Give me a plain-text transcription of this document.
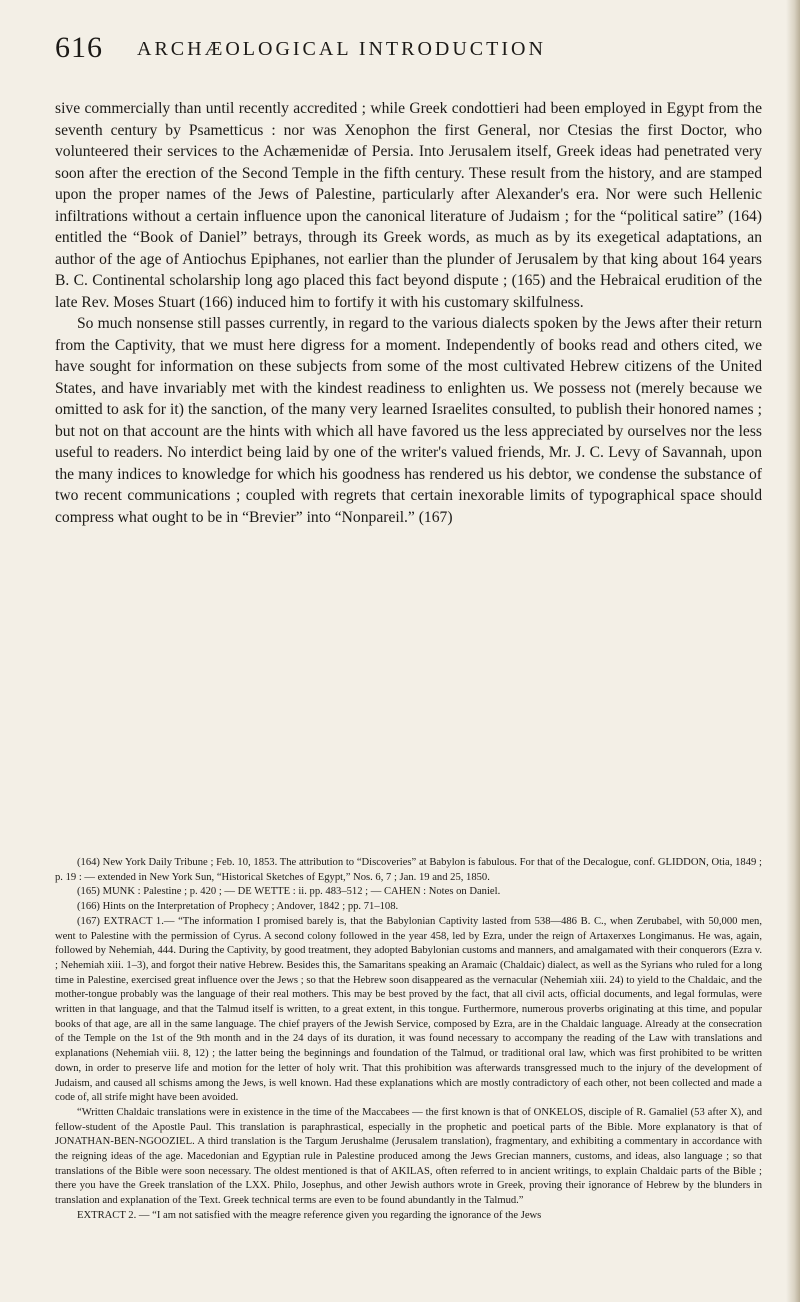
616 ARCHÆOLOGICAL INTRODUCTION

sive commercially than until recently accredited ; while Greek condottieri had been employed in Egypt from the seventh century by Psametticus : nor was Xenophon the first General, nor Ctesias the first Doctor, who volunteered their services to the Achæmenidæ of Persia. Into Jerusalem itself, Greek ideas had penetrated very soon after the erection of the Second Temple in the fifth century. These result from the history, and are stamped upon the proper names of the Jews of Palestine, particularly after Alexander's era. Nor were such Hellenic infiltrations without a certain influence upon the canonical literature of Judaism ; for the “political satire” (164) entitled the “Book of Daniel” betrays, through its Greek words, as much as by its exegetical adaptations, an author of the age of Antiochus Epiphanes, not earlier than the plunder of Jerusalem by that king about 164 years B. C. Continental scholarship long ago placed this fact beyond dispute ; (165) and the Hebraical erudition of the late Rev. Moses Stuart (166) induced him to fortify it with his customary skilfulness.

So much nonsense still passes currently, in regard to the various dialects spoken by the Jews after their return from the Captivity, that we must here digress for a moment. Independently of books read and others cited, we have sought for information on these subjects from some of the most cultivated Hebrew citizens of the United States, and have invariably met with the kindest readiness to enlighten us. We possess not (merely because we omitted to ask for it) the sanction, of the many very learned Israelites consulted, to publish their honored names ; but not on that account are the hints with which all have favored us the less appreciated by ourselves nor the less useful to readers. No interdict being laid by one of the writer's valued friends, Mr. J. C. Levy of Savannah, upon the many indices to knowledge for which his goodness has rendered us his debtor, we condense the substance of two recent communications ; coupled with regrets that certain inexorable limits of typographical space should compress what ought to be in “Brevier” into “Nonpareil.” (167)

(164) New York Daily Tribune ; Feb. 10, 1853. The attribution to “Discoveries” at Babylon is fabulous. For that of the Decalogue, conf. GLIDDON, Otia, 1849 ; p. 19 : — extended in New York Sun, “Historical Sketches of Egypt,” Nos. 6, 7 ; Jan. 19 and 25, 1850.

(165) MUNK : Palestine ; p. 420 ; — DE WETTE : ii. pp. 483–512 ; — CAHEN : Notes on Daniel.

(166) Hints on the Interpretation of Prophecy ; Andover, 1842 ; pp. 71–108.

(167) EXTRACT 1.— “The information I promised barely is, that the Babylonian Captivity lasted from 538—486 B. C., when Zerubabel, with 50,000 men, went to Palestine with the permission of Cyrus. A second colony followed in the year 458, led by Ezra, under the reign of Artaxerxes Longimanus. He was, again, followed by Nehemiah, 444. During the Captivity, by good treatment, they adopted Babylonian customs and manners, and amalgamated with their conquerors (Ezra v. ; Nehemiah xiii. 1–3), and forgot their native Hebrew. Besides this, the Samaritans speaking an Aramaic (Chaldaic) dialect, as well as the Syrians who ruled for a long time in Palestine, exercised great influence over the Jews ; so that the Hebrew soon disappeared as the vernacular (Nehemiah xiii. 24) to yield to the Chaldaic, and the mother-tongue probably was the language of their real mothers. This may be best proved by the fact, that all civil acts, official documents, and legal formulas, were written in that language, and that the Talmud itself is written, to a great extent, in this tongue. Furthermore, numerous proverbs originating at this time, and popular books of that age, are all in the same language. The chief prayers of the Jewish Service, composed by Ezra, are in the Chaldaic language. Already at the consecration of the Temple on the 1st of the 9th month and in the 24 days of its duration, it was found necessary to accompany the reading of the Law with translations and explanations (Nehemiah viii. 8, 12) ; the latter being the beginnings and foundation of the Talmud, or traditional oral law, which was first prohibited to be written down, in order to preserve life and motion for the letter of holy writ. That this prohibition was afterwards transgressed much to the injury of the development of Judaism, and caused all schisms among the Jews, is well known. Had these explanations which are mostly contradictory of each other, not been collected and made a code of, all strife might have been avoided.

“Written Chaldaic translations were in existence in the time of the Maccabees — the first known is that of ONKELOS, disciple of R. Gamaliel (53 after X), and fellow-student of the Apostle Paul. This translation is paraphrastical, especially in the prophetic and poetical parts of the Bible. More explanatory is that of JONATHAN-BEN-NGOOZIEL. A third translation is the Targum Jerushalme (Jerusalem translation), fragmentary, and exhibiting a commentary in accordance with the reigning ideas of the age. Macedonian and Egyptian rule in Palestine produced among the Jews Grecian manners, customs, and ideas, also language ; so that translations of the Bible were soon necessary. The oldest mentioned is that of AKILAS, often referred to in ancient writings, to explain Chaldaic parts of the Bible ; there you have the Greek translation of the LXX. Philo, Josephus, and other Jewish authors wrote in Greek, proving their ignorance of Hebrew by the blunders in translation and explanation of the Text. Greek technical terms are even to be found abundantly in the Talmud.”

EXTRACT 2. — “I am not satisfied with the meagre reference given you regarding the ignorance of the Jews
